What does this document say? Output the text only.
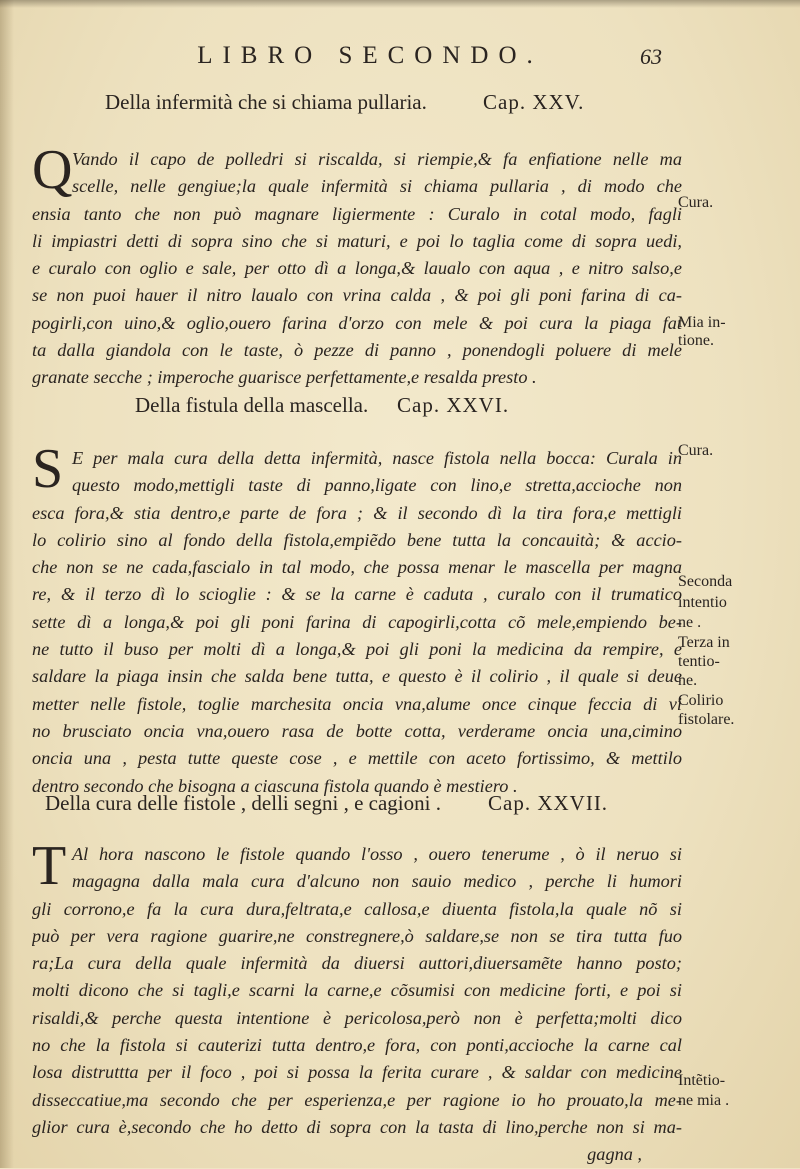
LIBRO SECONDO.	63
Della infermità che si chiama pullaria.	Cap. XXV.
Q Vando il capo de polledri si riscalda, si riempie,& fa enfiatione nelle ma
scelle, nelle gengiue;la quale infermità si chiama pullaria , di modo che
ensia tanto che non può magnare ligiermente : Curalo in cotal modo, fagli
li impiastri detti di sopra sino che si maturi, e poi lo taglia come di sopra uedi,
e curalo con oglio e sale, per otto dì a longa,& laualo con aqua , e nitro salso,e
se non puoi hauer il nitro laualo con vrina calda , & poi gli poni farina di ca-
pogirli,con uino,& oglio,ouero farina d'orzo con mele & poi cura la piaga fat
ta dalla giandola con le taste, ò pezze di panno , ponendogli poluere di mele
granate secche ; imperoche guarisce perfettamente,e resalda presto .
Cura.
Mia in-
tione.
Della fistula della mascella. Cap. XXVI.
S E per mala cura della detta infermità, nasce fistola nella bocca: Curala in
questo modo,mettigli taste di panno,ligate con lino,e stretta,accioche non
esca fora,& stia dentro,e parte de fora ; & il secondo dì la tira fora,e mettigli
lo colirio sino al fondo della fistola,empiẽdo bene tutta la concauità; & accio-
che non se ne cada,fascialo in tal modo, che possa menar le mascella per magna
re, & il terzo dì lo scioglie : & se la carne è caduta , curalo con il trumatico
sette dì a longa,& poi gli poni farina di capogirli,cotta cõ mele,empiendo be-
ne tutto il buso per molti dì a longa,& poi gli poni la medicina da rempire, e
saldare la piaga insin che salda bene tutta, e questo è il colirio , il quale si deue
metter nelle fistole, toglie marchesita oncia vna,alume once cinque feccia di vi
no brusciato oncia vna,ouero rasa de botte cotta, verderame oncia una,cimino
oncia una , pesta tutte queste cose , e mettile con aceto fortissimo, & mettilo
dentro secondo che bisogna a ciascuna fistola quando è mestiero .
Cura.
Seconda
intentio
ne .
Terza in
tentio-
ne.
Colirio
fistolare.
Della cura delle fistole , delli segni , e cagioni . Cap. XXVII.
T Al hora nascono le fistole quando l'osso , ouero tenerume , ò il neruo si
magagna dalla mala cura d'alcuno non sauio medico , perche li humori
gli corrono,e fa la cura dura,feltrata,e callosa,e diuenta fistola,la quale nõ si
può per vera ragione guarire,ne constregnere,ò saldare,se non se tira tutta fuo
ra;La cura della quale infermità da diuersi auttori,diuersamẽte hanno posto;
molti dicono che si tagli,e scarni la carne,e cõsumisi con medicine forti, e poi si
risaldi,& perche questa intentione è pericolosa,però non è perfetta;molti dico
no che la fistola si cauterizi tutta dentro,e fora, con ponti,accioche la carne cal
losa distruttta per il foco , poi si possa la ferita curare , & saldar con medicine
disseccatiue,ma secondo che per esperienza,e per ragione io ho prouato,la me-
glior cura è,secondo che ho detto di sopra con la tasta di lino,perche non si ma-
gagna ,
Intẽtio-
ne mia .
